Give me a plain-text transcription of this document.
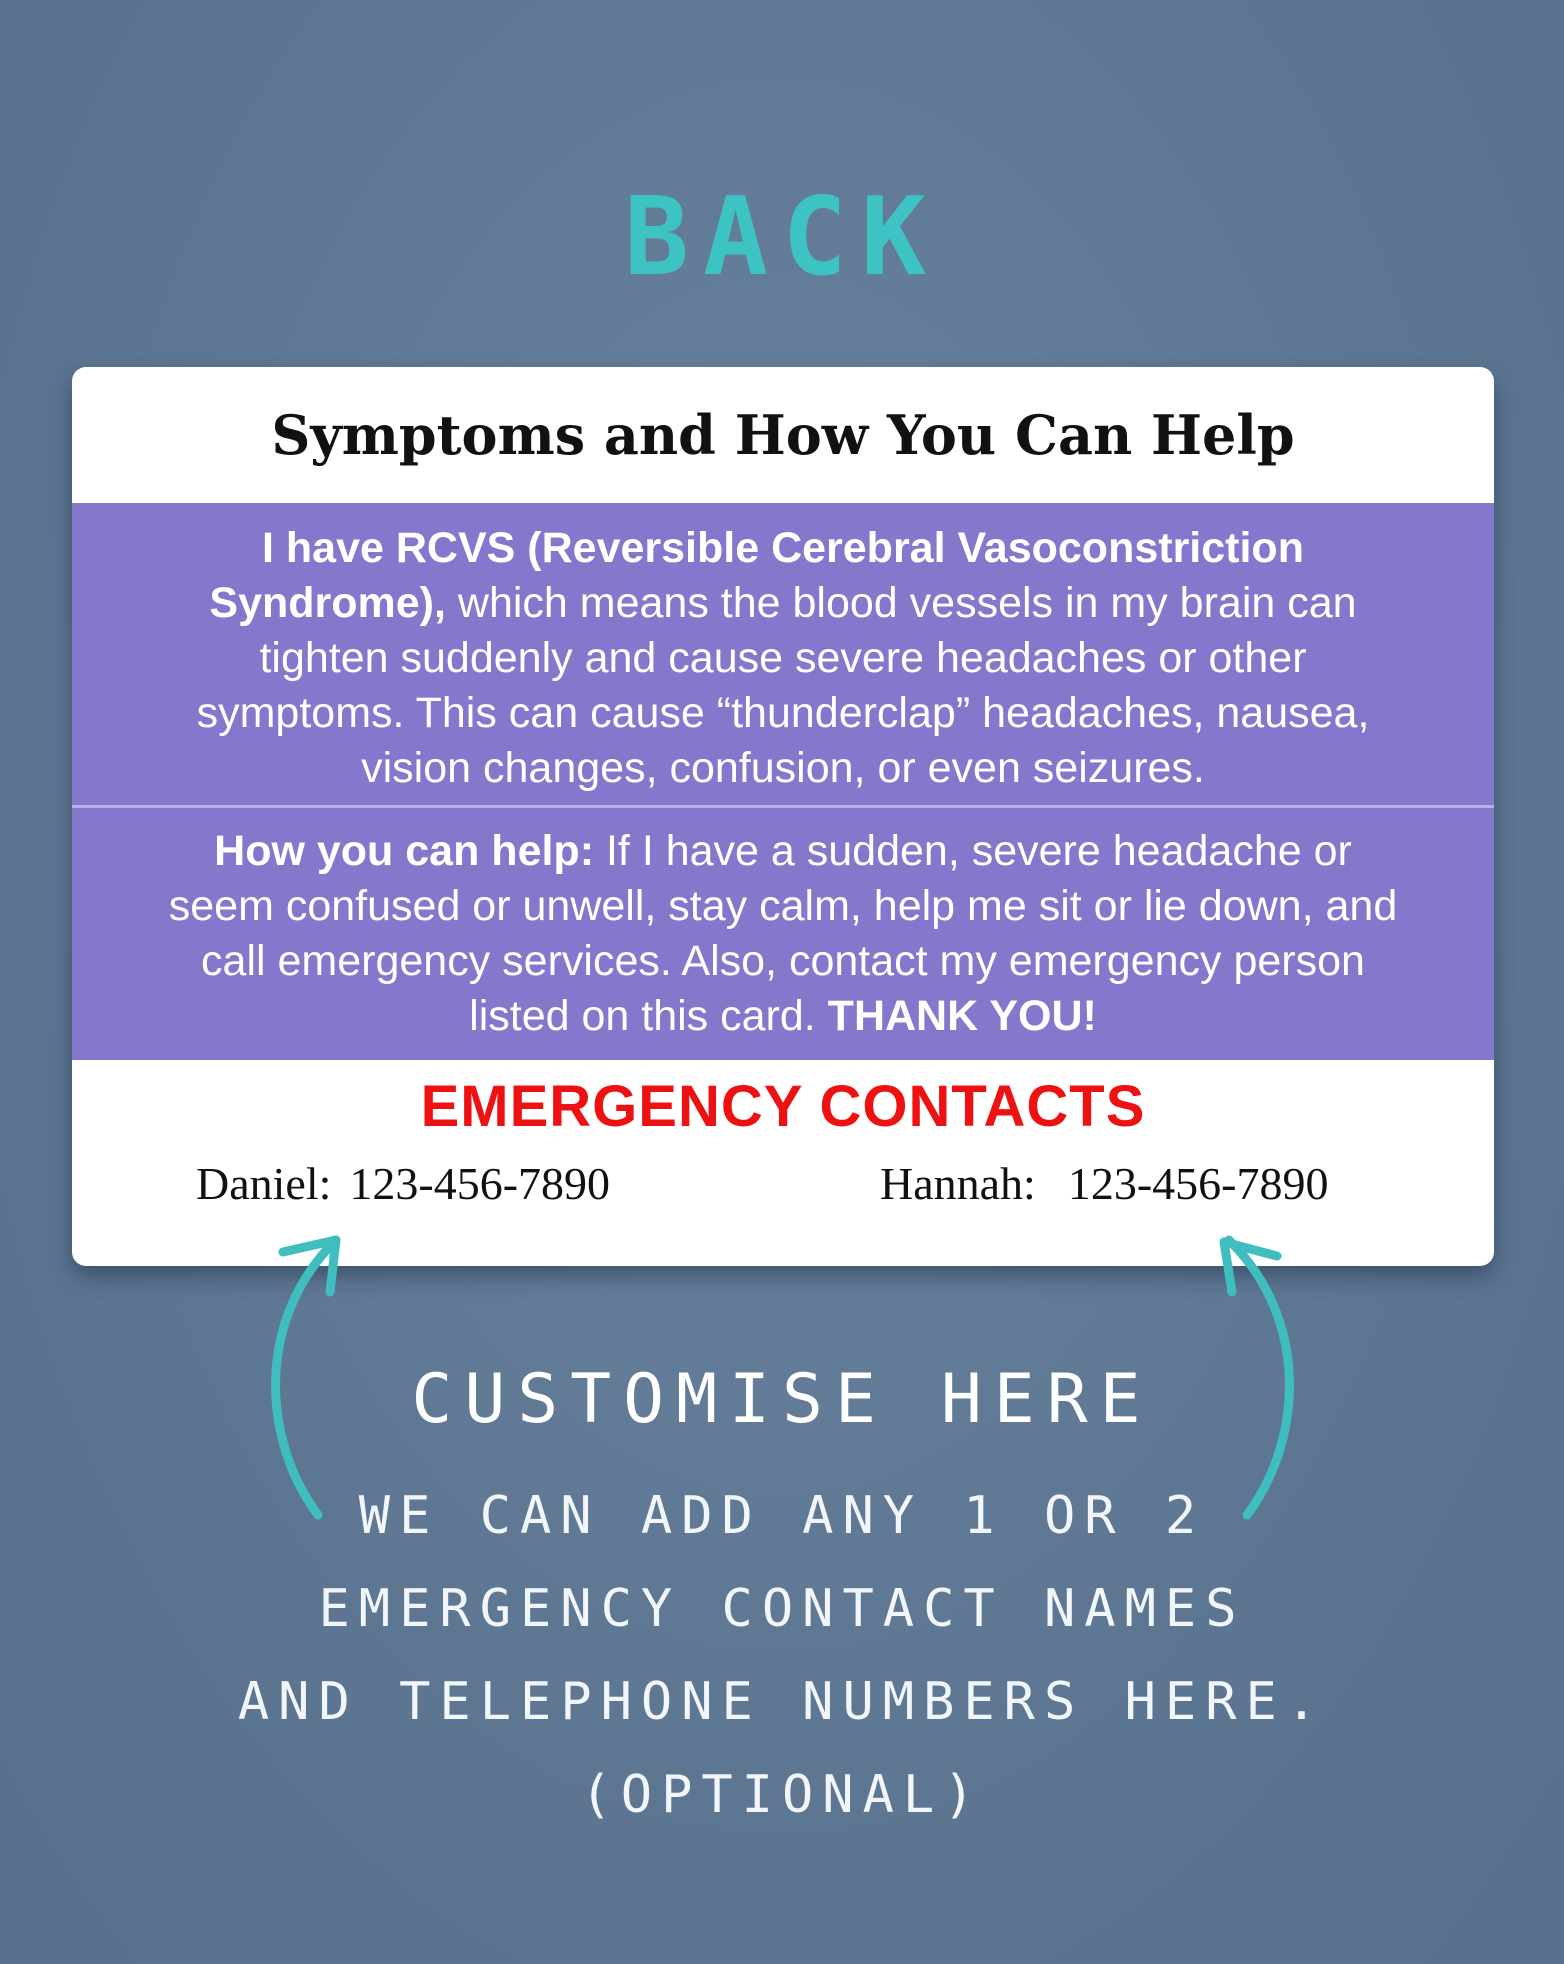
BACK
Symptoms and How You Can Help
I have RCVS (Reversible Cerebral Vasoconstriction Syndrome), which means the blood vessels in my brain can tighten suddenly and cause severe headaches or other symptoms. This can cause “thunderclap” headaches, nausea, vision changes, confusion, or even seizures.
How you can help: If I have a sudden, severe headache or seem confused or unwell, stay calm, help me sit or lie down, and call emergency services. Also, contact my emergency person listed on this card. THANK YOU!
EMERGENCY CONTACTS
Daniel: 123-456-7890	Hannah: 123-456-7890
CUSTOMISE HERE
WE CAN ADD ANY 1 OR 2
EMERGENCY CONTACT NAMES
AND TELEPHONE NUMBERS HERE.
(OPTIONAL)
